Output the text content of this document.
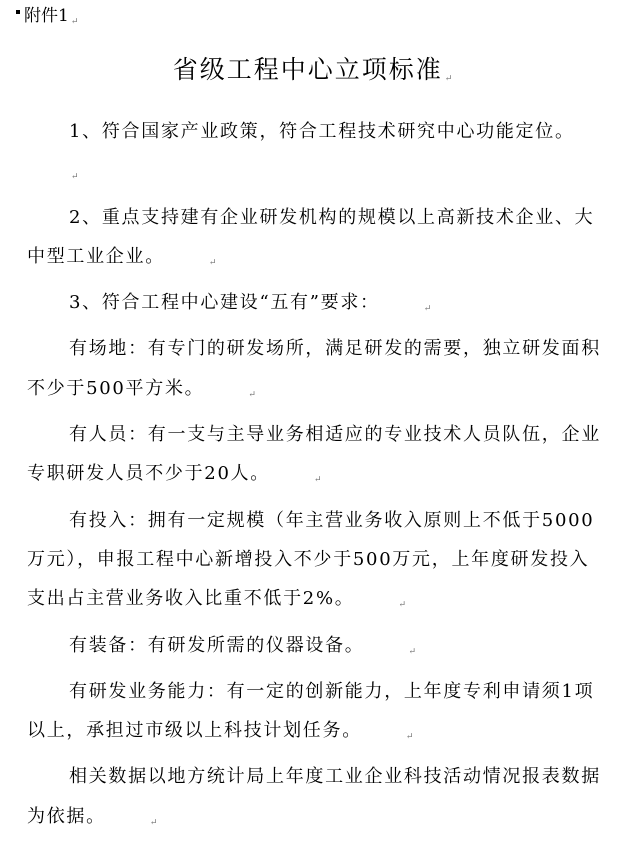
附件1 ↵
省级工程中心立项标准 ↵

1、符合国家产业政策，符合工程技术研究中心功能定位。↵

2、重点支持建有企业研发机构的规模以上高新技术企业、大中型工业企业。	↵

3、符合工程中心建设“五有”要求：	↵

有场地：有专门的研发场所，满足研发的需要，独立研发面积不少于500平方米。	↵

有人员：有一支与主导业务相适应的专业技术人员队伍，企业专职研发人员不少于20人。	↵

有投入：拥有一定规模（年主营业务收入原则上不低于5000万元），申报工程中心新增投入不少于500万元，上年度研发投入支出占主营业务收入比重不低于2%。	↵

有装备：有研发所需的仪器设备。	↵

有研发业务能力：有一定的创新能力，上年度专利申请须1项以上，承担过市级以上科技计划任务。	↵

相关数据以地方统计局上年度工业企业科技活动情况报表数据为依据。	↵
